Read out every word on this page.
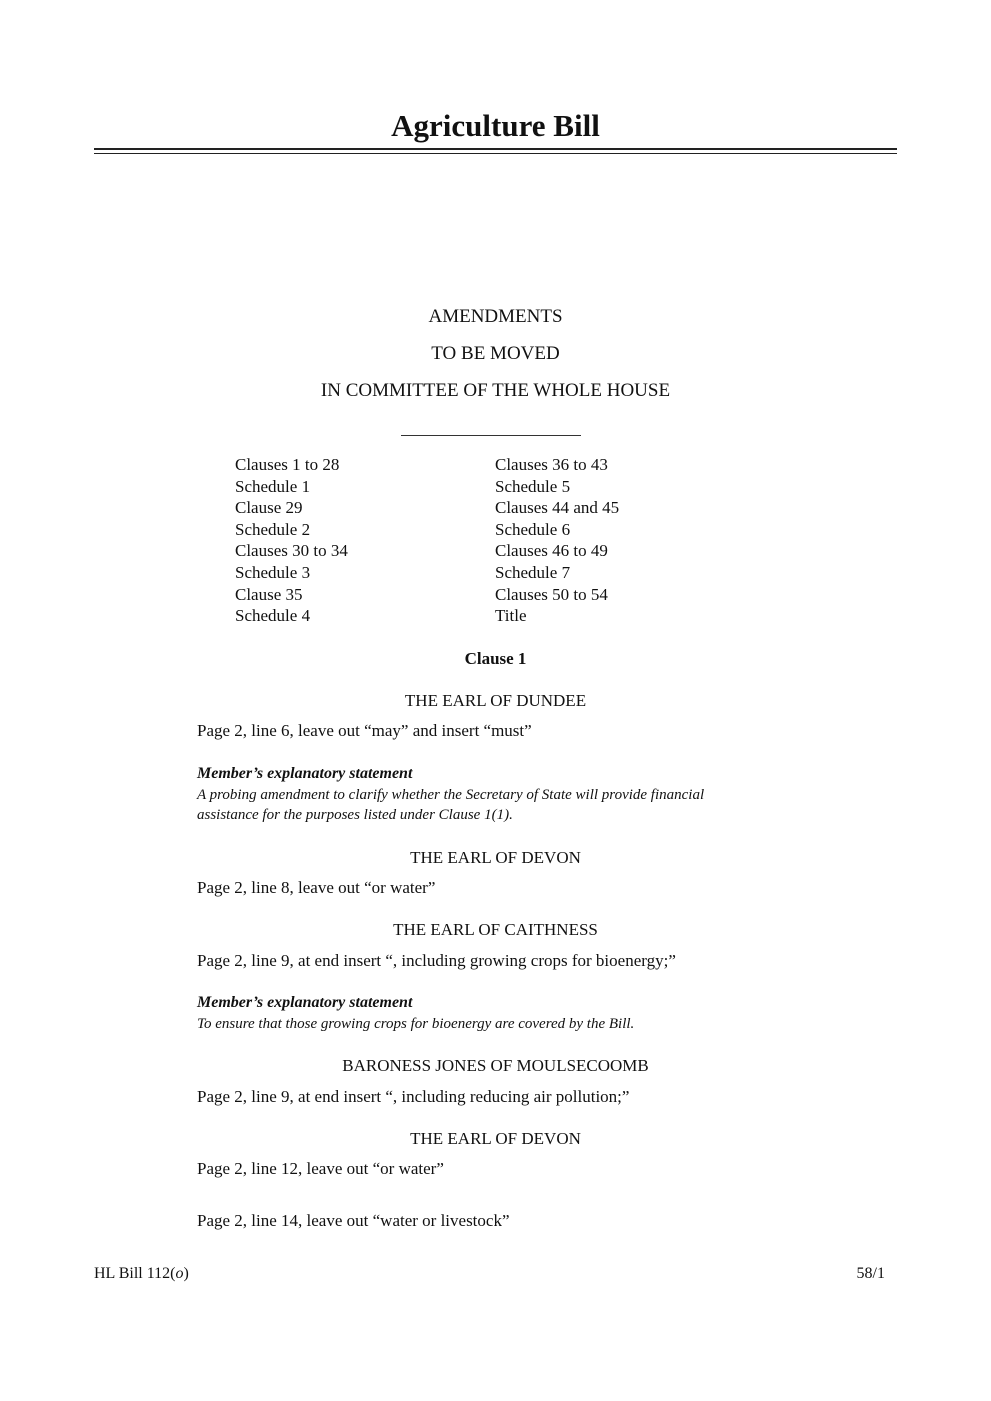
Agriculture Bill
AMENDMENTS
TO BE MOVED
IN COMMITTEE OF THE WHOLE HOUSE
Clauses 1 to 28
Schedule 1
Clause 29
Schedule 2
Clauses 30 to 34
Schedule 3
Clause 35
Schedule 4
Clauses 36 to 43
Schedule 5
Clauses 44 and 45
Schedule 6
Clauses 46 to 49
Schedule 7
Clauses 50 to 54
Title
Clause 1
THE EARL OF DUNDEE
Page 2, line 6, leave out “may” and insert “must”
Member’s explanatory statement
A probing amendment to clarify whether the Secretary of State will provide financial
assistance for the purposes listed under Clause 1(1).
THE EARL OF DEVON
Page 2, line 8, leave out “or water”
THE EARL OF CAITHNESS
Page 2, line 9, at end insert “, including growing crops for bioenergy;”
Member’s explanatory statement
To ensure that those growing crops for bioenergy are covered by the Bill.
BARONESS JONES OF MOULSECOOMB
Page 2, line 9, at end insert “, including reducing air pollution;”
THE EARL OF DEVON
Page 2, line 12, leave out “or water”
Page 2, line 14, leave out “water or livestock”
HL Bill 112(o)	58/1
